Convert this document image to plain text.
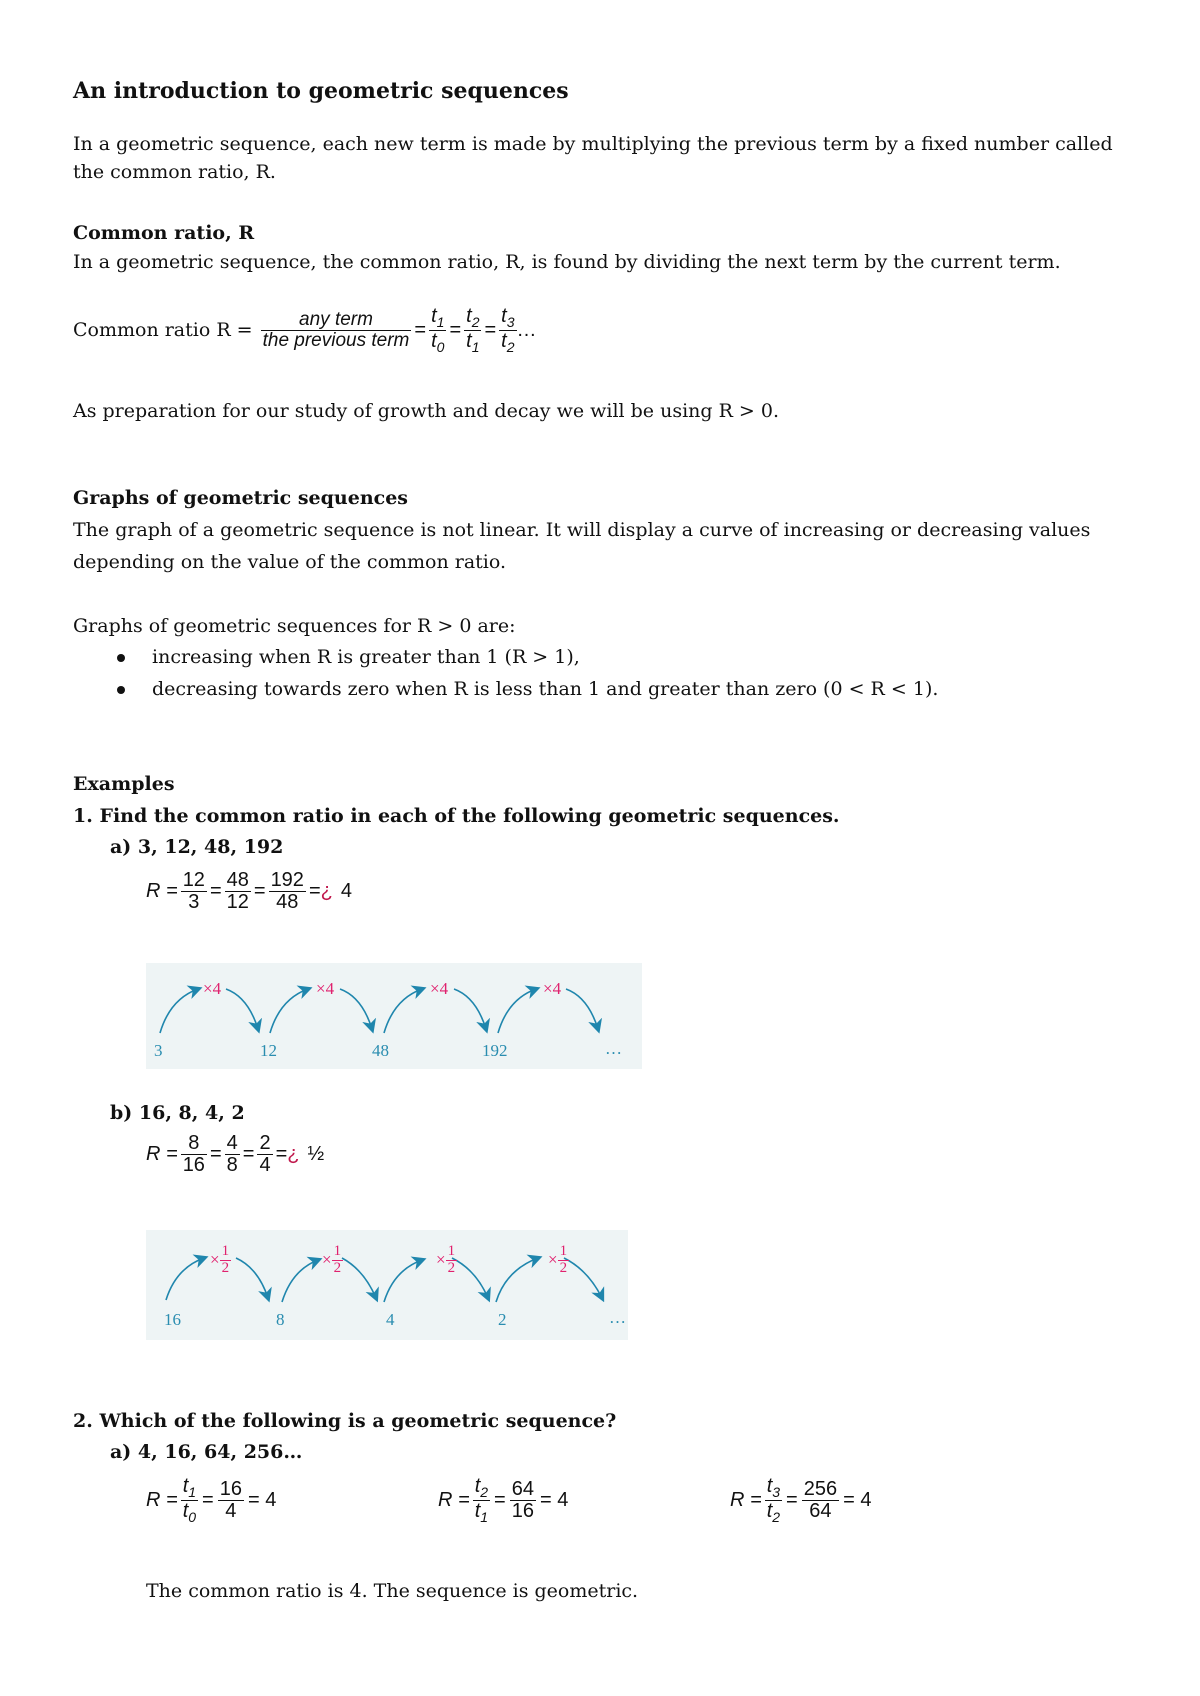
An introduction to geometric sequences
In a geometric sequence, each new term is made by multiplying the previous term by a fixed number called
the common ratio, R.
Common ratio, R
In a geometric sequence, the common ratio, R, is found by dividing the next term by the current term.
Common ratio $R = \frac{\text{any term}}{\text{the previous term}} = \frac{t_1}{t_0} = \frac{t_2}{t_1} = \frac{t_3}{t_2}$ …
As preparation for our study of growth and decay we will be using R > 0.
Graphs of geometric sequences
The graph of a geometric sequence is not linear. It will display a curve of increasing or decreasing values
depending on the value of the common ratio.
Graphs of geometric sequences for R > 0 are:
increasing when R is greater than 1 (R > 1),
decreasing towards zero when R is less than 1 and greater than zero (0 < R < 1).
Examples
1. Find the common ratio in each of the following geometric sequences.
a) 3, 12, 48, 192
$R = \frac{12}{3} = \frac{48}{12} = \frac{192}{48}$ =¿ 4
×4	×4	×4	×4
3	12	48	192	…
b) 16, 8, 4, 2
$R = \frac{8}{16} = \frac{4}{8} = \frac{2}{4}$ =¿ ½
× $\frac{1}{2}$	× $\frac{1}{2}$	× $\frac{1}{2}$	× $\frac{1}{2}$
16	8	4	2	…
2. Which of the following is a geometric sequence?
a) 4, 16, 64, 256…
$R = \frac{t_1}{t_0} = \frac{16}{4} = 4$	$R = \frac{t_2}{t_1} = \frac{64}{16} = 4$	$R = \frac{t_3}{t_2} = \frac{256}{64} = 4$
The common ratio is 4. The sequence is geometric.
